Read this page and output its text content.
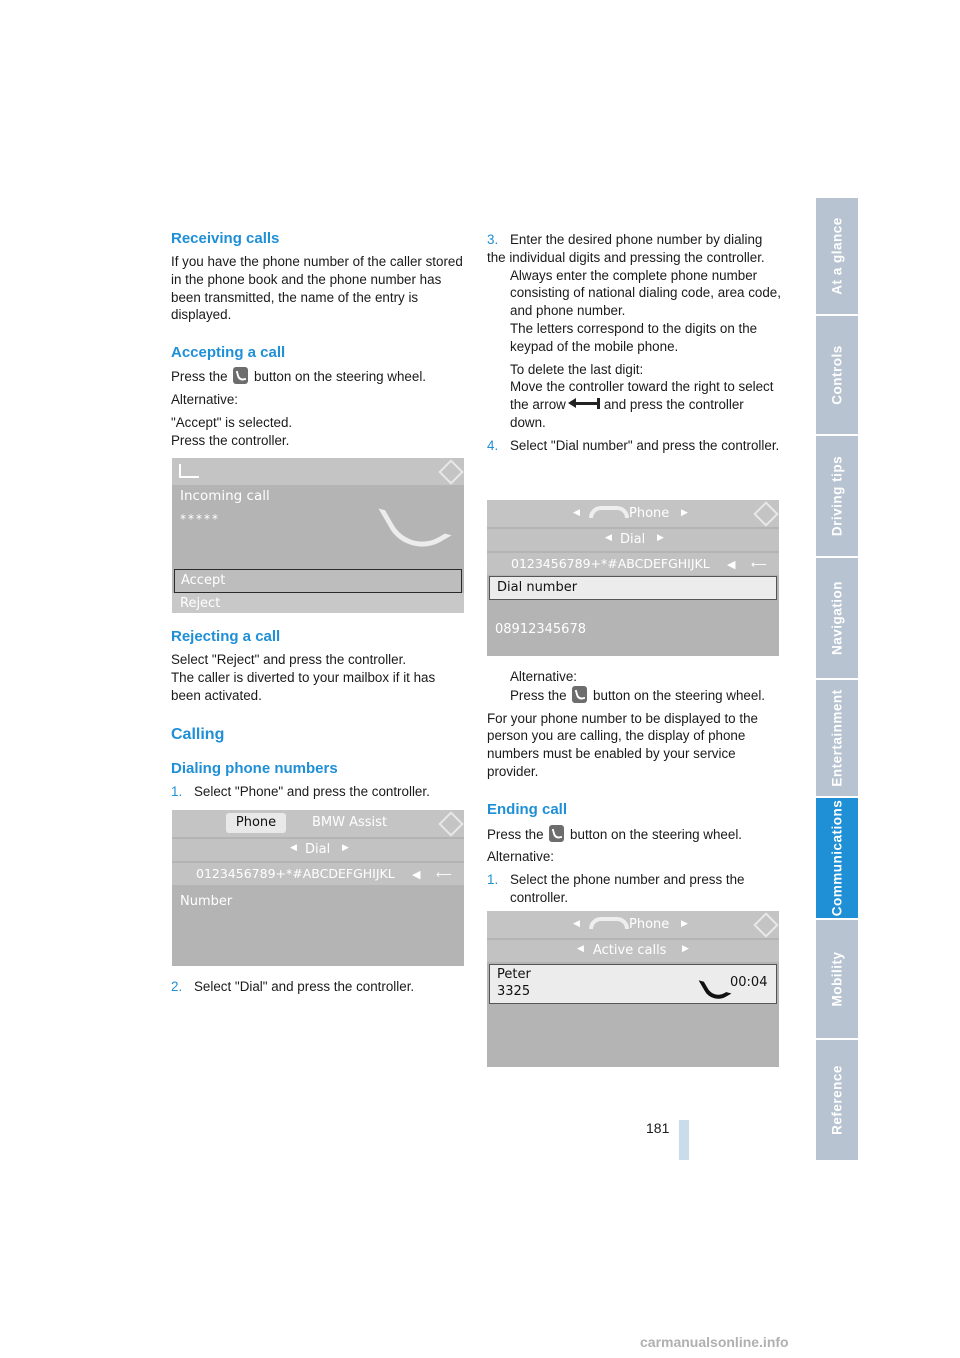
At a glance
Controls
Driving tips
Navigation
Entertainment
Communications
Mobility
Reference
Receiving calls

If you have the phone number of the caller stored in the phone book and the phone number has been transmitted, the name of the entry is displayed.

Accepting a call

Press the button on the steering wheel.

Alternative:

"Accept" is selected.

Press the controller.

Incoming call
*****
Accept
Reject
Rejecting a call

Select "Reject" and press the controller.

The caller is diverted to your mailbox if it has been activated.

Calling
Dialing phone numbers

1. Select "Phone" and press the controller.

Phone	BMW Assist
◀ Dial ▶
0123456789+*#ABCDEFGHIJKL ◀ ⟵
Number
2. Select "Dial" and press the controller.

3. Enter the desired phone number by dialing the individual digits and pressing the controller.

Always enter the complete phone number consisting of national dialing code, area code, and phone number.

The letters correspond to the digits on the keypad of the mobile phone.

To delete the last digit:

Move the controller toward the right to select the arrow	and press the controller down.

4. Select "Dial number" and press the controller.

◀	Phone ▶
◀ Dial ▶
0123456789+*#ABCDEFGHIJKL ◀ ⟵
Dial number
08912345678

Alternative:

Press the button on the steering wheel.

For your phone number to be displayed to the person you are calling, the display of phone numbers must be enabled by your service provider.

Ending call

Press the button on the steering wheel.

Alternative:

1. Select the phone number and press the controller.

◀	Phone ▶
◀ Active calls ▶
Peter
3325
00:04
181
carmanualsonline.info
